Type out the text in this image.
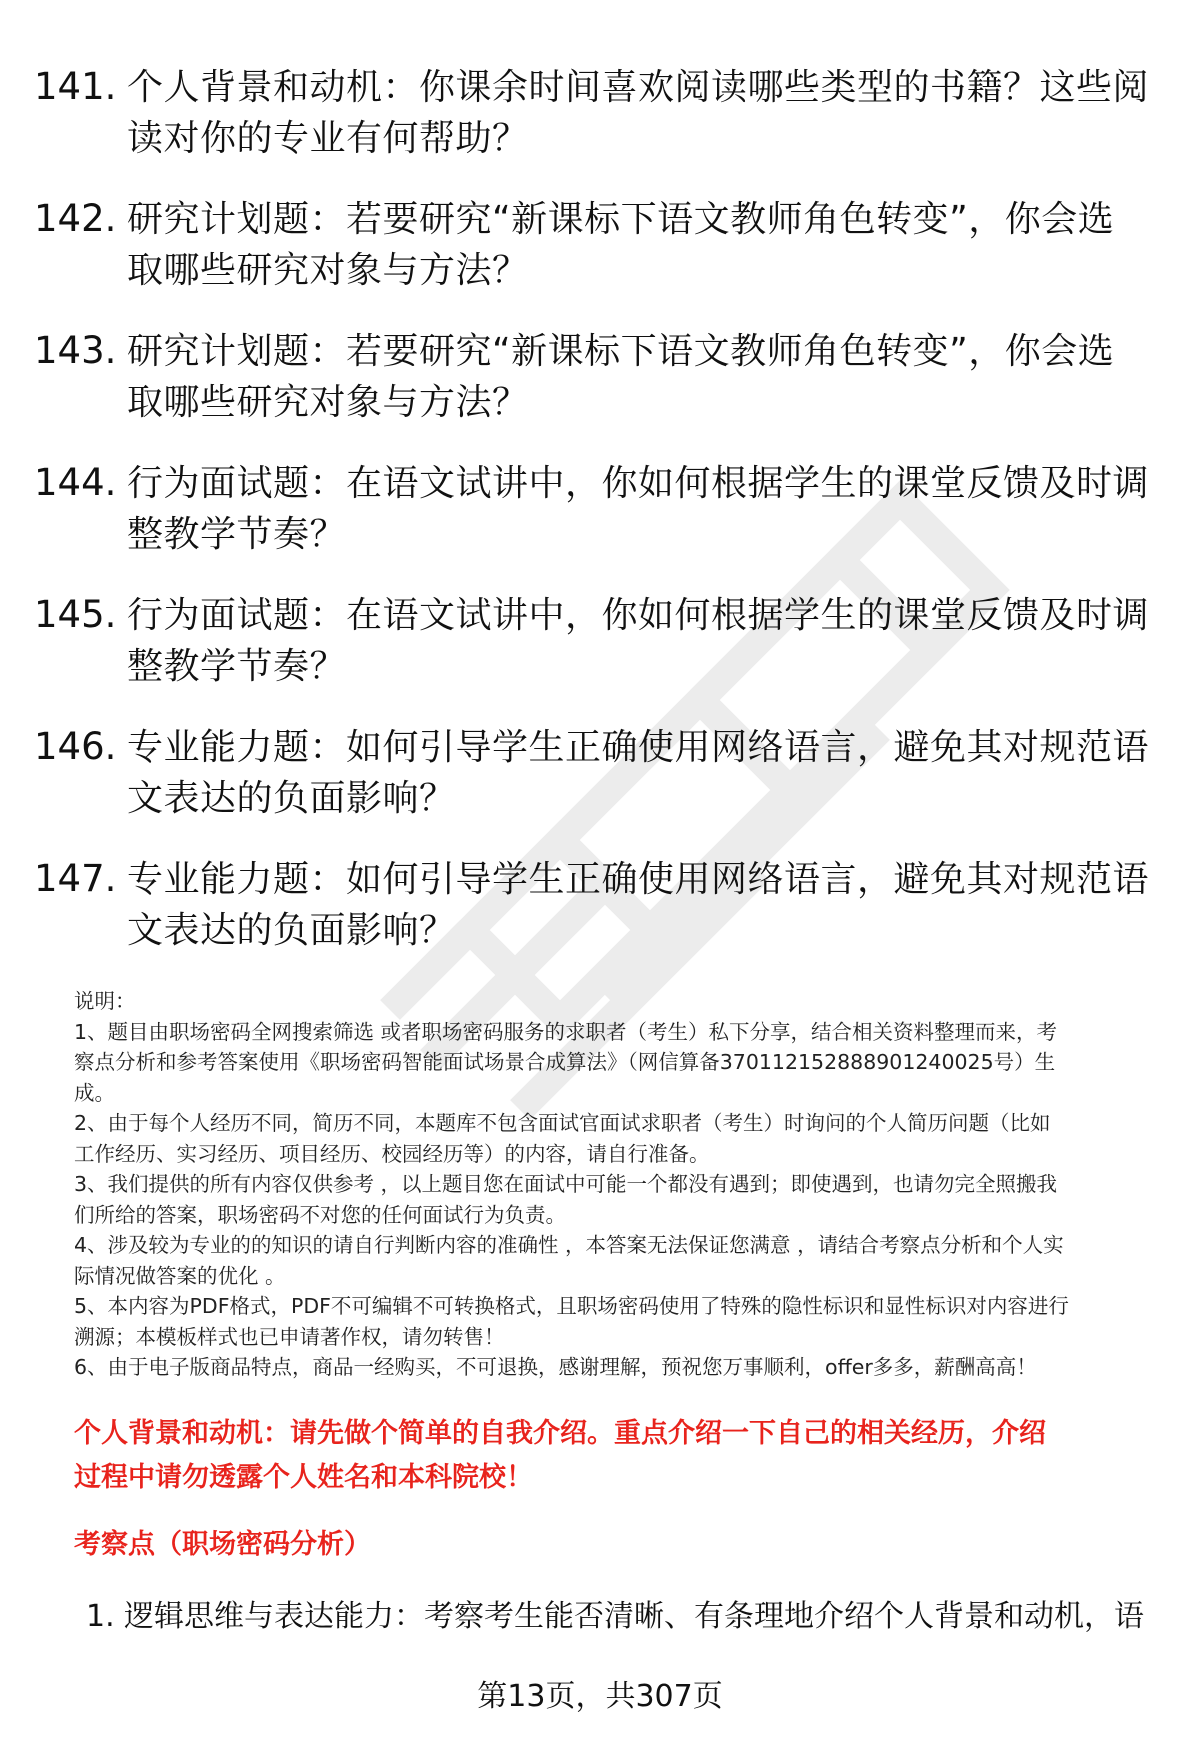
141. 个人背景和动机：你课余时间喜欢阅读哪些类型的书籍？这些阅
读对你的专业有何帮助？
142. 研究计划题：若要研究“新课标下语文教师角色转变”，你会选
取哪些研究对象与方法？
143. 研究计划题：若要研究“新课标下语文教师角色转变”，你会选
取哪些研究对象与方法？
144. 行为面试题：在语文试讲中，你如何根据学生的课堂反馈及时调
整教学节奏？
145. 行为面试题：在语文试讲中，你如何根据学生的课堂反馈及时调
整教学节奏？
146. 专业能力题：如何引导学生正确使用网络语言，避免其对规范语
文表达的负面影响？
147. 专业能力题：如何引导学生正确使用网络语言，避免其对规范语
文表达的负面影响？

说明：

1、题目由职场密码全网搜索筛选 或者职场密码服务的求职者（考生）私下分享，结合相关资料整理而来，考

察点分析和参考答案使用《职场密码智能面试场景合成算法》（网信算备370112152888901240025号）生

成。

2、由于每个人经历不同，简历不同，本题库不包含面试官面试求职者（考生）时询问的个人简历问题（比如

工作经历、实习经历、项目经历、校园经历等）的内容，请自行准备。

3、我们提供的所有内容仅供参考 ，以上题目您在面试中可能一个都没有遇到；即使遇到，也请勿完全照搬我

们所给的答案，职场密码不对您的任何面试行为负责。

4、涉及较为专业的的知识的请自行判断内容的准确性 ，本答案无法保证您满意 ，请结合考察点分析和个人实

际情况做答案的优化 。

5、本内容为PDF格式，PDF不可编辑不可转换格式，且职场密码使用了特殊的隐性标识和显性标识对内容进行

溯源；本模板样式也已申请著作权，请勿转售！

6、由于电子版商品特点，商品一经购买，不可退换，感谢理解，预祝您万事顺利，offer多多，薪酬高高！

个人背景和动机：请先做个简单的自我介绍。重点介绍一下自己的相关经历，介绍
过程中请勿透露个人姓名和本科院校！
考察点（职场密码分析）
1. 逻辑思维与表达能力：考察考生能否清晰、有条理地介绍个人背景和动机，语
第13页，共307页
